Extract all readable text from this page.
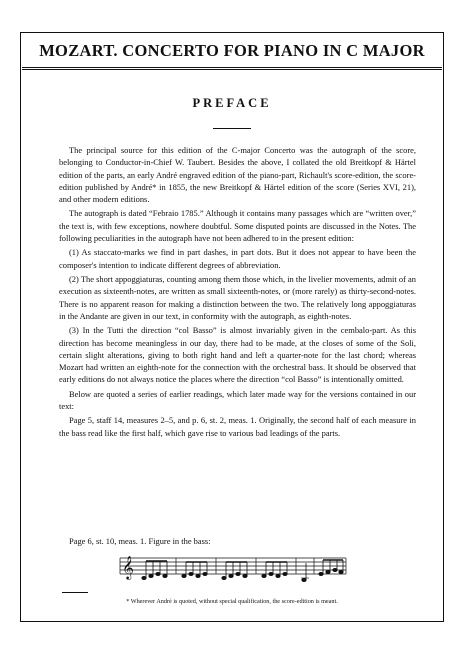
MOZART. CONCERTO FOR PIANO IN C MAJOR
PREFACE

The principal source for this edition of the C-major Concerto was the autograph of the score, belonging to Conductor-in-Chief W. Taubert. Besides the above, I collated the old Breitkopf & Härtel edition of the parts, an early André engraved edition of the piano-part, Richault's score-edition, the score-edition published by André* in 1855, the new Breitkopf & Härtel edition of the score (Series XVI, 21), and other modern editions.

The autograph is dated “Febraio 1785.” Although it contains many passages which are “written over,” the text is, with few exceptions, nowhere doubtful. Some disputed points are discussed in the Notes. The following peculiarities in the autograph have not been adhered to in the present edition:

(1) As staccato-marks we find in part dashes, in part dots. But it does not appear to have been the composer's intention to indicate different degrees of abbreviation.

(2) The short appoggiaturas, counting among them those which, in the livelier movements, admit of an execution as sixteenth-notes, are written as small sixteenth-notes, or (more rarely) as thirty-second-notes. There is no apparent reason for making a distinction between the two. The relatively long appoggiaturas in the Andante are given in our text, in conformity with the autograph, as eighth-notes.

(3) In the Tutti the direction “col Basso” is almost invariably given in the cembalo-part. As this direction has become meaningless in our day, there had to be made, at the closes of some of the Soli, certain slight alterations, giving to both right hand and left a quarter-note for the last chord; whereas Mozart had written an eighth-note for the connection with the orchestral bass. It should be observed that early editions do not always notice the places where the direction “col Basso” is intentionally omitted.

Below are quoted a series of earlier readings, which later made way for the versions contained in our text:

Page 5, staff 14, measures 2–5, and p. 6, st. 2, meas. 1. Originally, the second half of each measure in the bass read like the first half, which gave rise to various bad leadings of the parts.

Page 6, st. 10, meas. 1. Figure in the bass:
𝄞
* Wherever André is quoted, without special qualification, the score-edition is meant.
